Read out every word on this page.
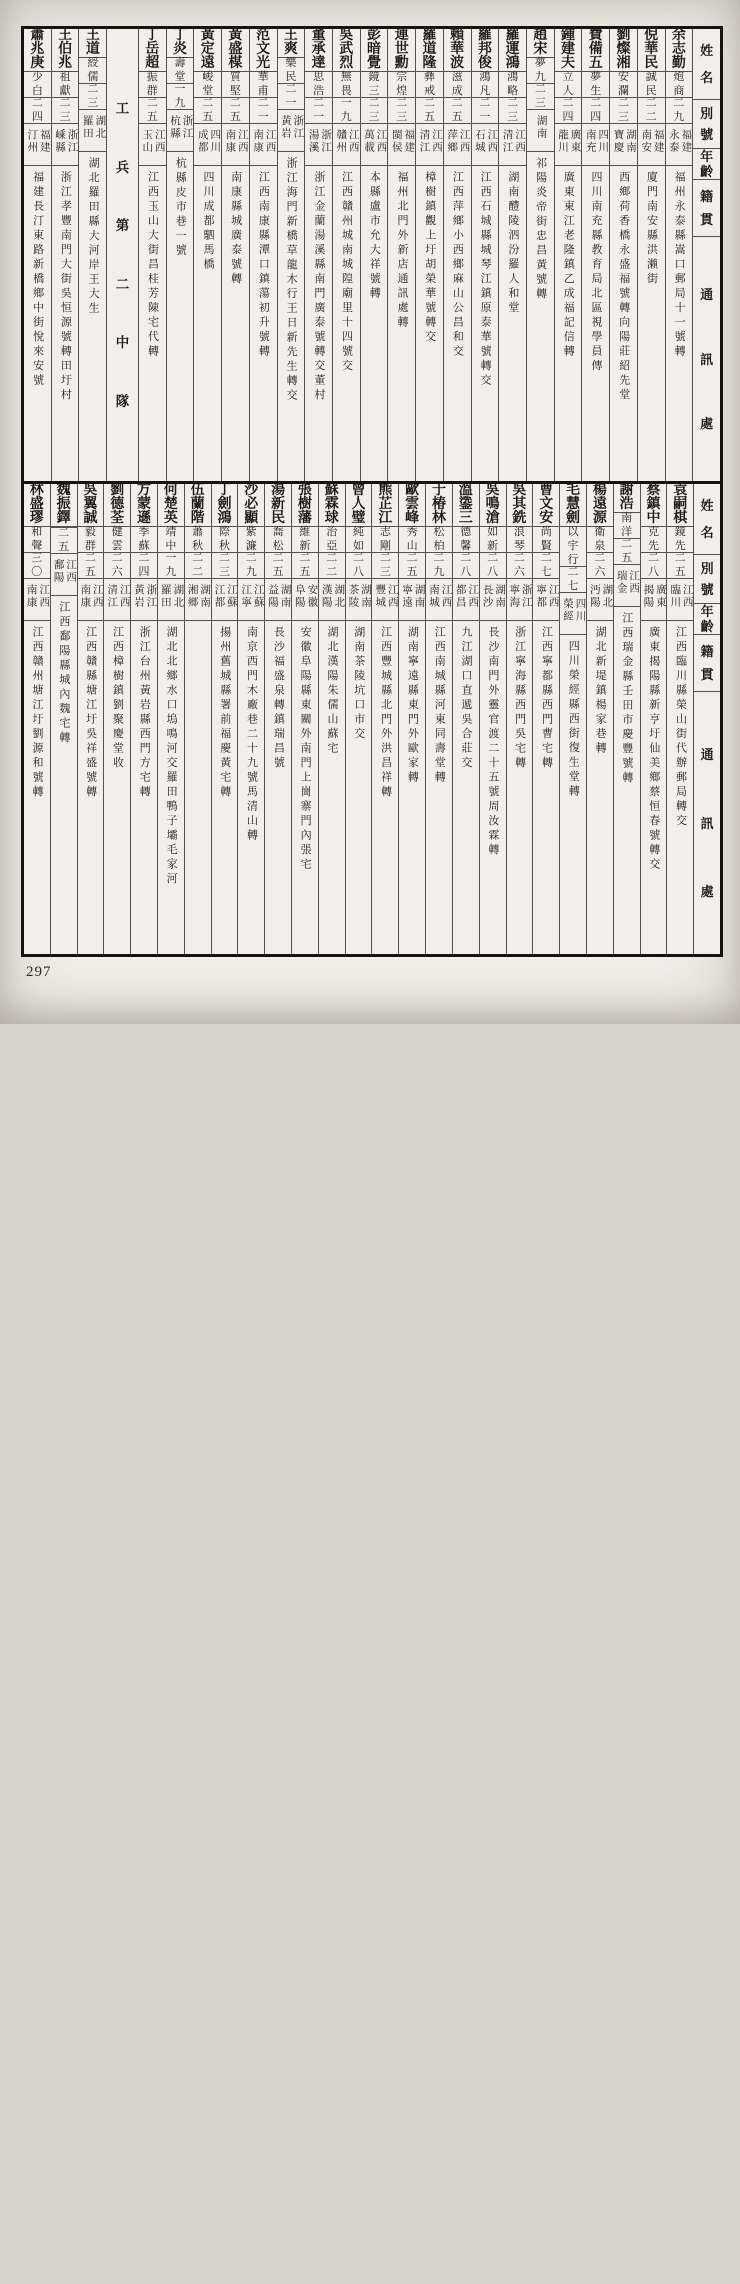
姓
名
別
號
年
齡
籍
貫
通
訊
處
余
志
勤
炮
商
二
九
福建永泰
福州永泰縣嵩口郵局十一號轉
倪
華
民
誠
民
二
二
福建南安
廈門南安縣洪瀨街
劉
燦
湘
安
瀾
二
三
湖南寶慶
西鄉荷香橋永盛福號轉向陽莊紹先堂
費
備
五
夢
生
二
四
四川南充
四川南充縣教育局北區視學員傳
鍾
建
夫
立
人
二
四
廣東龍川
廣東東江老隆鎮乙成福記信轉
趙
宋
夢
九
二
三
湖南
祁陽炎帝街忠昌黃號轉
羅
運
鴻
鴻
略
二
三
江西清江
湖南醴陵泗汾羅人和堂
羅
邦
俊
鴻
凡
二
一
江西石城
江西石城縣城琴江鎮原泰華號轉交
賴
華
波
滋
成
二
五
江西萍鄉
江西萍鄉小西鄉麻山公昌和交
羅
道
隆
彝
戒
二
五
江西清江
樟樹鎮觀上圩胡榮華號轉交
連
世
勳
宗
煌
二
三
福建閩侯
福州北門外新店通訊處轉
彭
暗
覺
鏡
三
二
三
江西萬載
本縣盧市允大祥號轉
吳
武
烈
無
畏
一
九
江西贛州
江西贛州城南城隍廟里十四號交
董
承
達
思
浩
二
一
浙江湯溪
浙江金蘭湯溪縣南門廣泰號轉交董村
王
爽
樂
民
二
一
浙江黃岩
浙江海門新橋草龍木行王日新先生轉交
范
文
光
華
甫
二
一
江西南康
江西南康縣潭口鎮蕩初升號轉
黃
盛
楳
質
堅
二
五
江西南康
南康縣城廣泰號轉
黃
定
遠
峻
堂
二
五
四川成都
四川成都駟馬橋
丁
炎
壽
堂
一
九
浙江杭縣
杭縣皮市巷一號
丁
岳
超
振
群
二
五
江西玉山
江西玉山大街昌桂芳陳宅代轉
工
兵
第
二
中
隊
王
道
綬
儒
二
三
湖北羅田
湖北羅田縣大河岸王大生
王
伯
兆
祖
獻
二
三
浙江嵊縣
浙江孝豐南門大街吳恒源號轉田圩村
蕭
兆
庚
少
白
二
四
福建汀州
福建長汀東路新橋鄉中街悅來安號
姓
名
別
號
年
齡
籍
貫
通
訊
處
袁
嗣
棋
鏡
先
二
五
江西臨川
江西臨川縣榮山街代辦郵局轉交
蔡
鎮
中
克
先
二
八
廣東揭陽
廣東揭陽縣新亨圩仙美鄉蔡恒春號轉交
謝
浩
南
洋
二
五
江西瑞金
江西瑞金縣壬田市慶豐號轉
楊
遠
源
衛
泉
二
六
湖北沔陽
湖北新堤鎮楊家巷轉
毛
慧
劍
以
宇
行
二
七
四川榮經
四川榮經縣西街復生堂轉
曹
文
安
尚
賢
二
七
江西寧都
江西寧都縣西門曹宅轉
吳
其
銑
浪
琴
二
六
浙江寧海
浙江寧海縣西門吳宅轉
吳
鳴
滄
如
新
二
八
湖南長沙
長沙南門外靈官渡二十五號周汝霖轉
溫
鍌
三
德
馨
二
八
江西都昌
九江湖口直遞吳合莊交
于
椿
林
松
柏
二
九
江西南城
江西南城縣河東同壽堂轉
歐
雲
峰
秀
山
二
五
湖南寧遠
湖南寧遠縣東門外歐家轉
熊
芷
江
志
剛
二
三
江西豐城
江西豐城縣北門外洪昌祥轉
曾
人
璧
純
如
二
八
湖南茶陵
湖南茶陵坑口市交
蘇
霖
球
治
亞
二
二
湖北漢陽
湖北漢陽朱儒山蘇宅
張
樹
藩
維
新
二
五
安徽阜陽
安徽阜陽縣東關外南門上崗寨門內張宅
湯
新
民
喬
松
二
五
湖南益陽
長沙福盛泉轉鎮瑞昌號
沙
必
顯
紫
濂
二
九
江蘇江寧
南京西門木廠巷二十九號馬清山轉
丁
劍
鴻
際
秋
二
三
江蘇江都
揚州舊城縣署前福慶黃宅轉
伍
蘭
階
蕭
秋
二
二
湖南湘鄉
何
楚
英
靖
中
一
九
湖北羅田
湖北北鄉水口塢鳴河交羅田鴨子壩毛家河
方
蒙
遜
季
蘇
二
四
浙江黃岩
浙江台州黃岩縣西門方宅轉
劉
德
荃
健
雲
二
六
江西清江
江西樟樹鎮劉聚慶堂收
吳
翼
誠
毅
群
二
五
江西南康
江西贛縣塘江圩吳祥盛號轉
魏
振
鐸
二
五
江西鄱陽
江西鄱陽縣城內魏宅轉
林
盛
璆
和
聲
三
〇
江西南康
江西贛州塘江圩劉源和號轉
297
